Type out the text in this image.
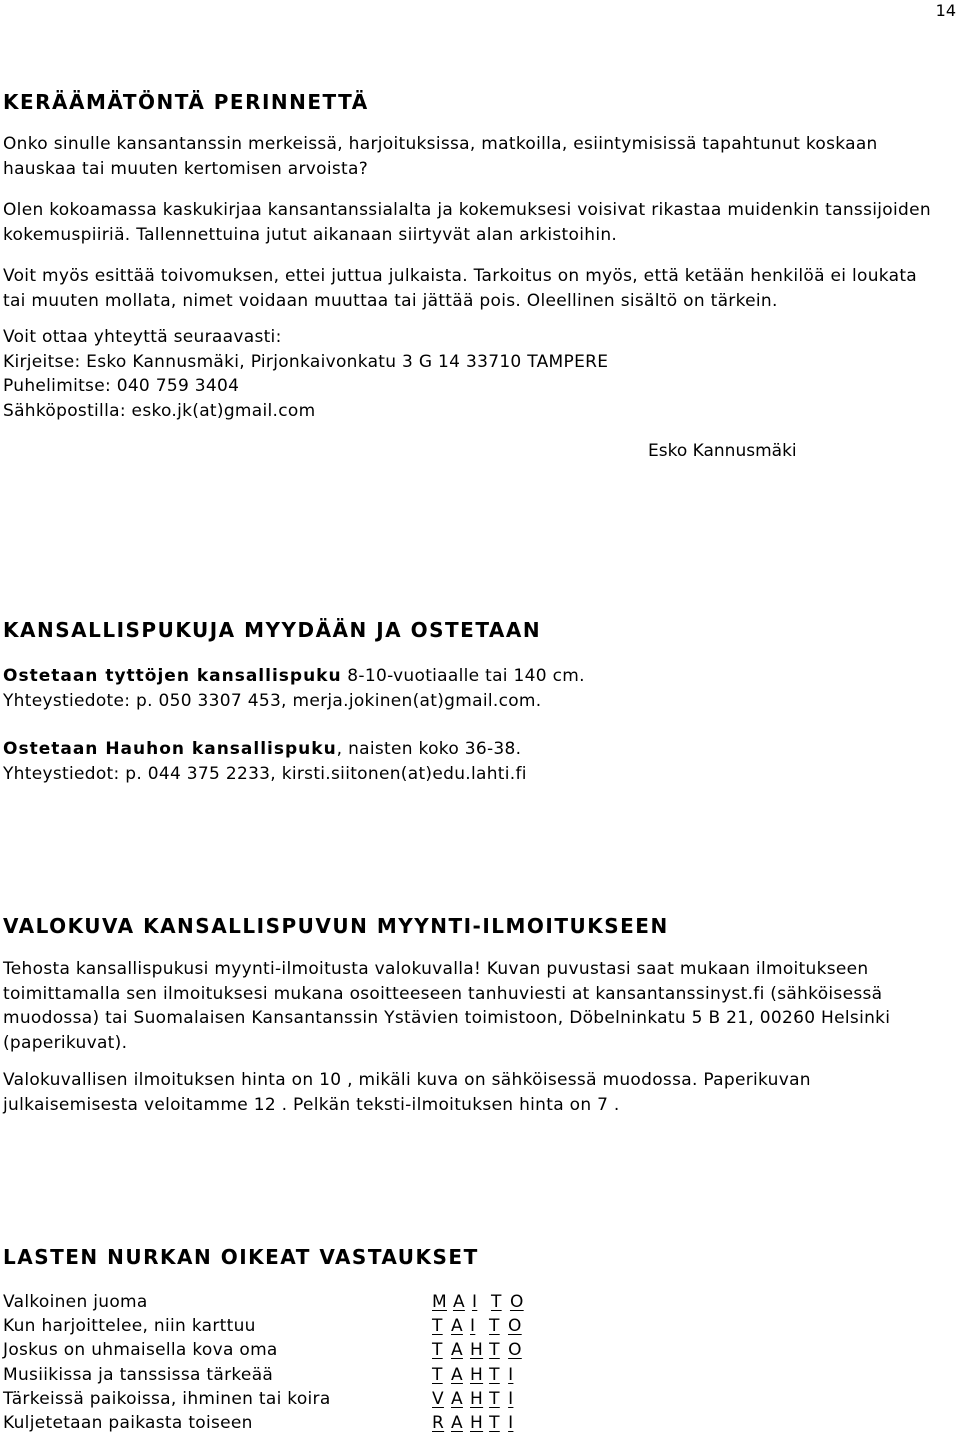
14
KERÄÄMÄTÖNTÄ PERINNETTÄ

Onko sinulle kansantanssin merkeissä, harjoituksissa, matkoilla, esiintymisissä tapahtunut koskaan hauskaa tai muuten kertomisen arvoista?

Olen kokoamassa kaskukirjaa kansantanssialalta ja kokemuksesi voisivat rikastaa muidenkin tanssijoiden kokemuspiiriä. Tallennettuina jutut aikanaan siirtyvät alan arkistoihin.

Voit myös esittää toivomuksen, ettei juttua julkaista. Tarkoitus on myös, että ketään henkilöä ei loukata tai muuten mollata, nimet voidaan muuttaa tai jättää pois. Oleellinen sisältö on tärkein.

Voit ottaa yhteyttä seuraavasti:

Kirjeitse: Esko Kannusmäki, Pirjonkaivonkatu 3 G 14 33710 TAMPERE

Puhelimitse: 040 759 3404

Sähköpostilla: esko.jk(at)gmail.com

Esko Kannusmäki
KANSALLISPUKUJA MYYDÄÄN JA OSTETAAN

Ostetaan tyttöjen kansallispuku 8-10-vuotiaalle tai 140 cm.

Yhteystiedote: p. 050 3307 453, merja.jokinen(at)gmail.com.

Ostetaan Hauhon kansallispuku, naisten koko 36-38.

Yhteystiedot: p. 044 375 2233, kirsti.siitonen(at)edu.lahti.fi

VALOKUVA KANSALLISPUVUN MYYNTI-ILMOITUKSEEN

Tehosta kansallispukusi myynti-ilmoitusta valokuvalla! Kuvan puvustasi saat mukaan ilmoitukseen toimittamalla sen ilmoituksesi mukana osoitteeseen tanhuviesti at kansantanssinyst.fi (sähköisessä muodossa) tai Suomalaisen Kansantanssin Ystävien toimistoon, Döbelninkatu 5 B 21, 00260 Helsinki (paperikuvat).

Valokuvallisen ilmoituksen hinta on 10 , mikäli kuva on sähköisessä muodossa. Paperikuvan julkaisemisesta veloitamme 12 . Pelkän teksti-ilmoituksen hinta on 7 .

LASTEN NURKAN OIKEAT VASTAUKSET
Valkoinen juoma	M A I T O
Kun harjoittelee, niin karttuu	T A I T O
Joskus on uhmaisella kova oma	T A H T O
Musiikissa ja tanssissa tärkeää	T A H T I
Tärkeissä paikoissa, ihminen tai koira	V A H T I
Kuljetetaan paikasta toiseen	R A H T I
